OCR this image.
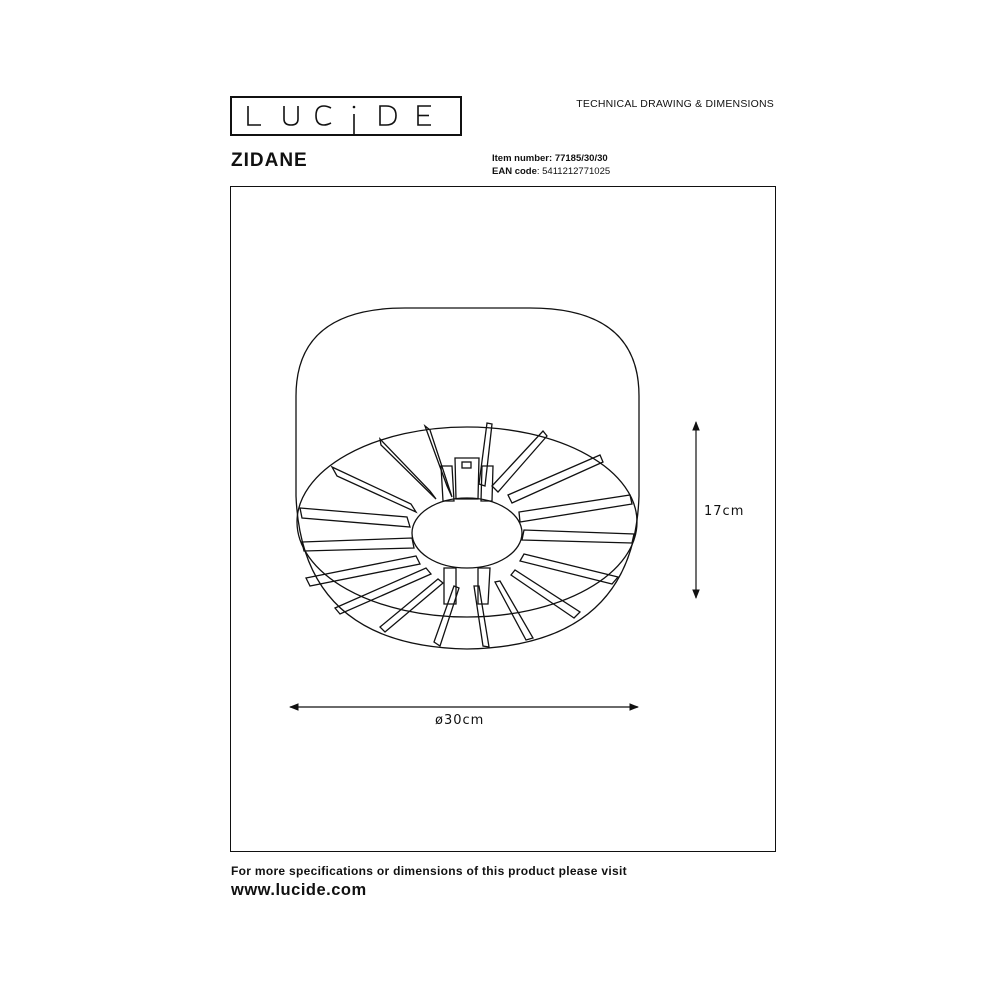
TECHNICAL DRAWING & DIMENSIONS
ZIDANE	Item number: 77185/30/30
EAN code: 5411212771025
17cm
ø30cm
For more specifications or dimensions of this product please visit
www.lucide.com
